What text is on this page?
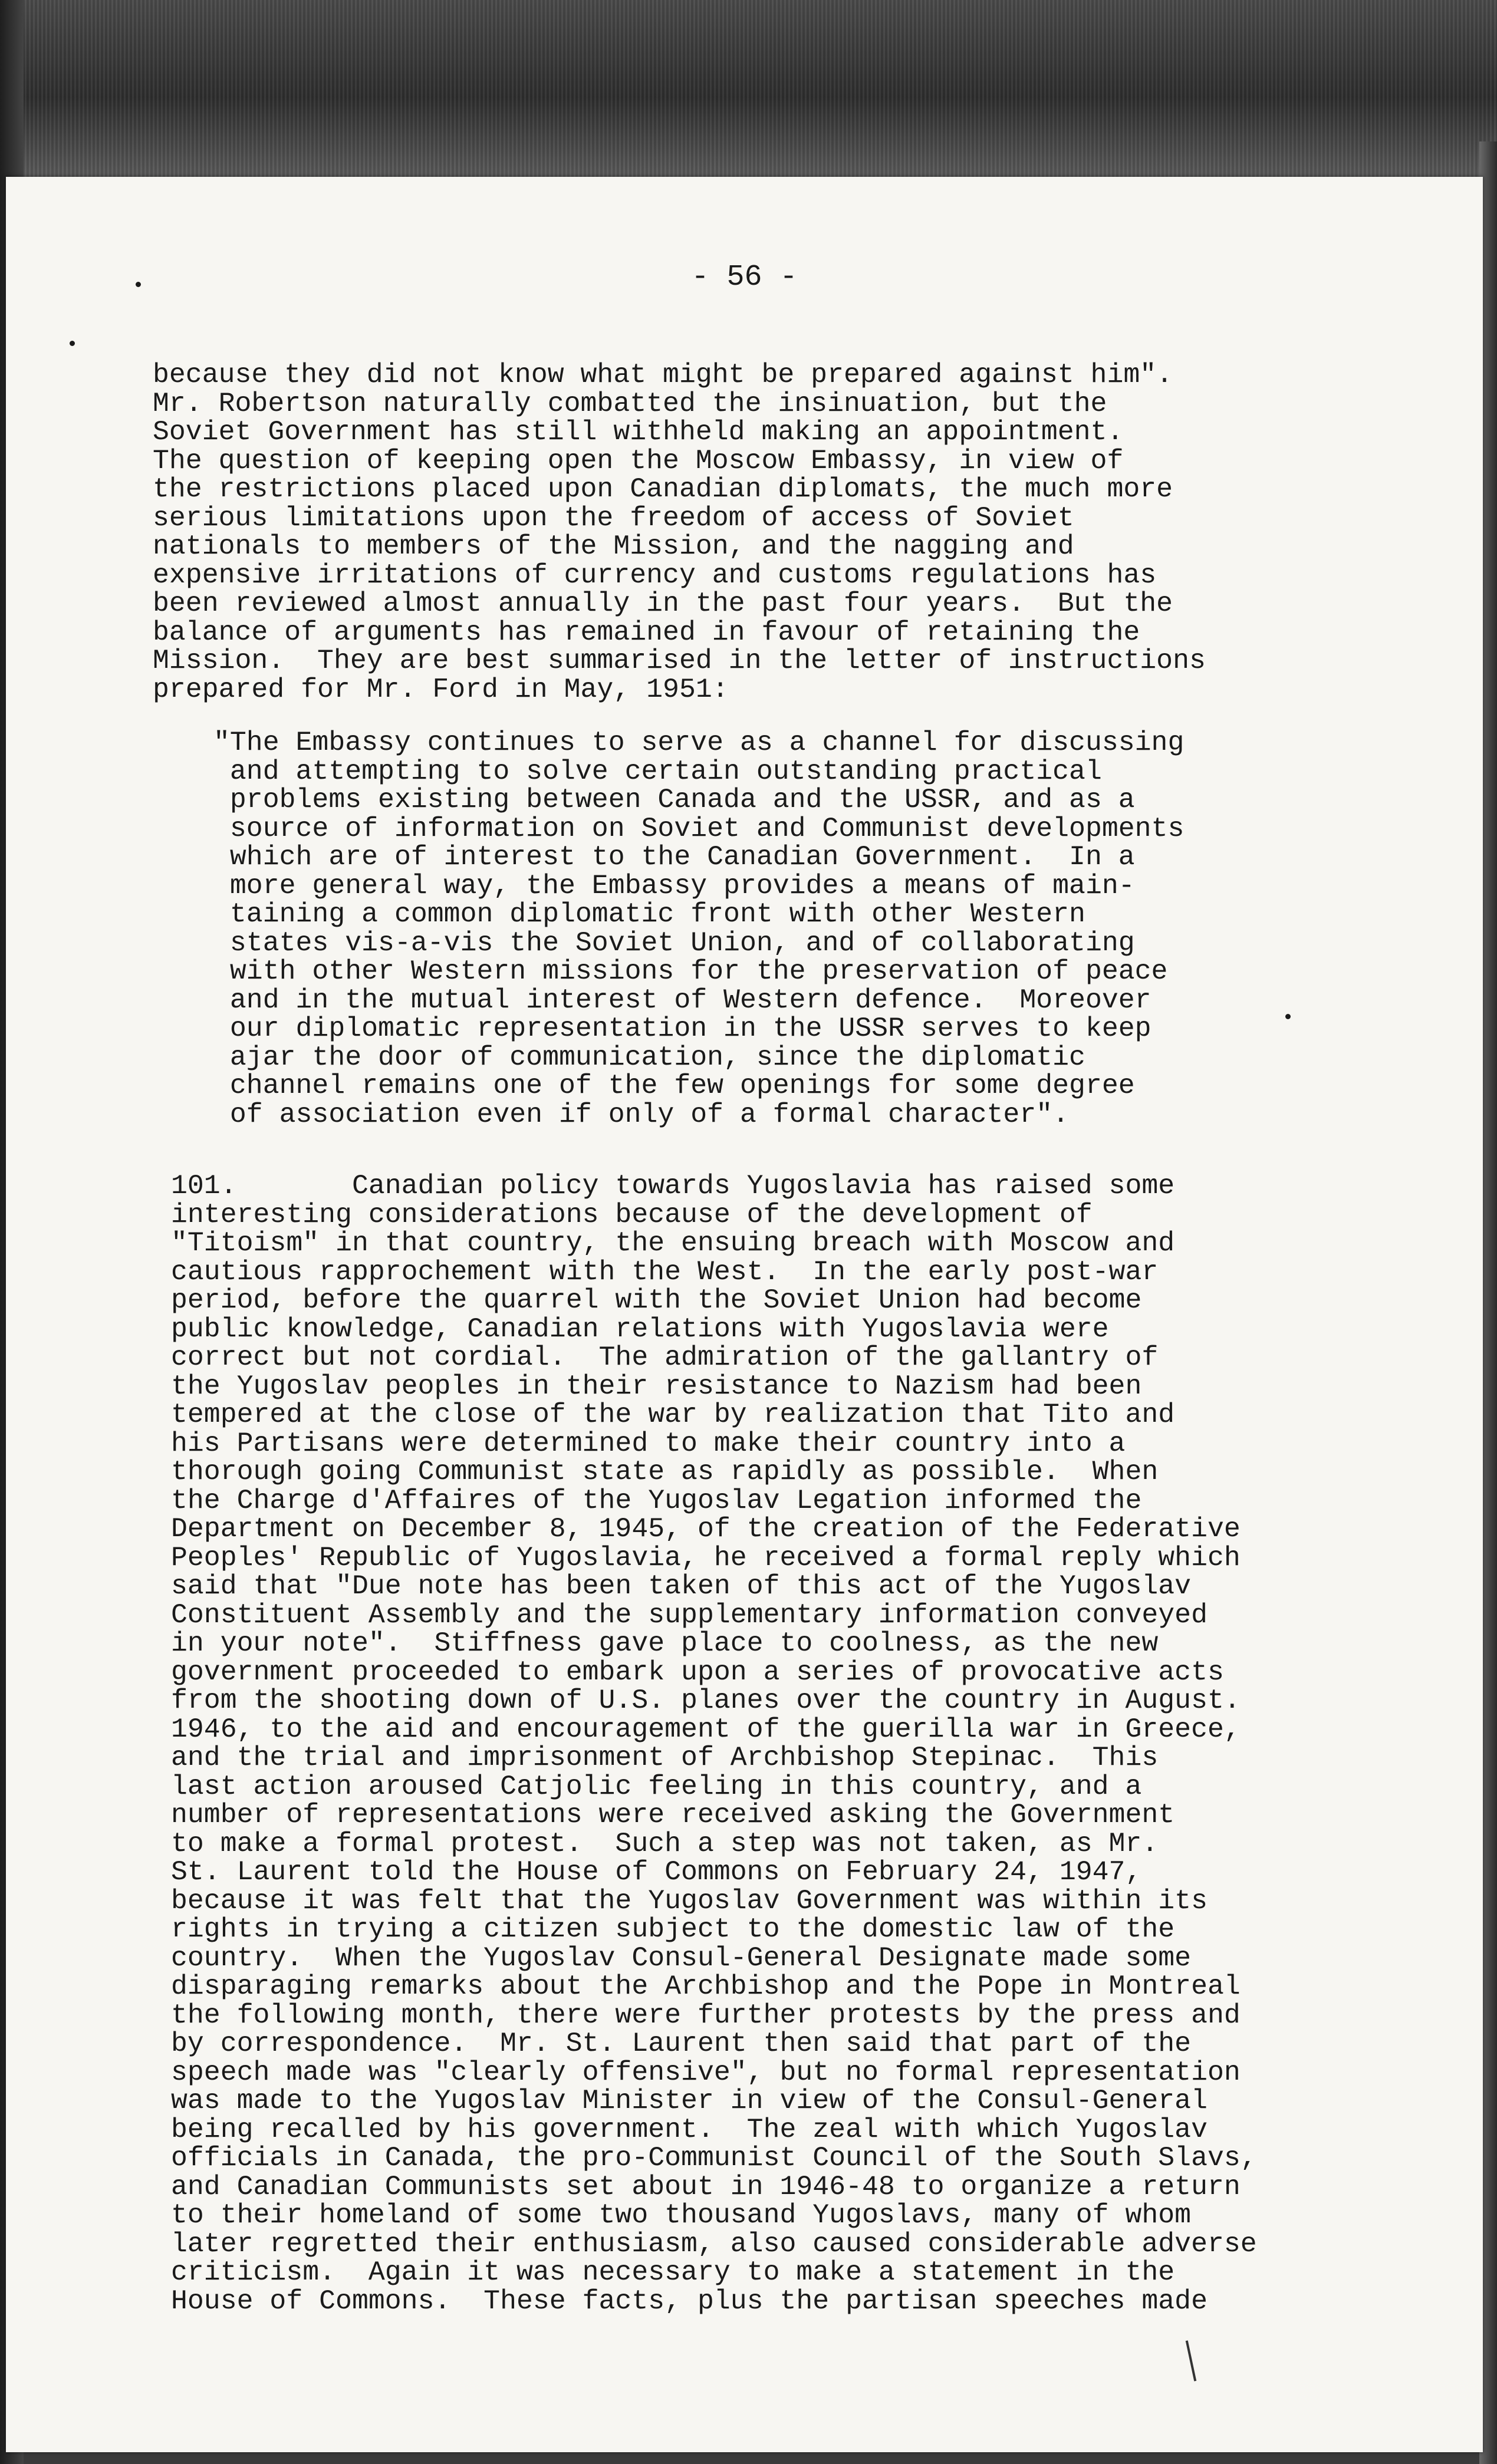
- 56 -
because they did not know what might be prepared against him".
Mr. Robertson naturally combatted the insinuation, but the
Soviet Government has still withheld making an appointment.
The question of keeping open the Moscow Embassy, in view of
the restrictions placed upon Canadian diplomats, the much more
serious limitations upon the freedom of access of Soviet
nationals to members of the Mission, and the nagging and
expensive irritations of currency and customs regulations has
been reviewed almost annually in the past four years.  But the
balance of arguments has remained in favour of retaining the
Mission.  They are best summarised in the letter of instructions
prepared for Mr. Ford in May, 1951:
"The Embassy continues to serve as a channel for discussing
and attempting to solve certain outstanding practical
problems existing between Canada and the USSR, and as a
source of information on Soviet and Communist developments
which are of interest to the Canadian Government.  In a
more general way, the Embassy provides a means of main-
taining a common diplomatic front with other Western
states vis-a-vis the Soviet Union, and of collaborating
with other Western missions for the preservation of peace
and in the mutual interest of Western defence.  Moreover
our diplomatic representation in the USSR serves to keep
ajar the door of communication, since the diplomatic
channel remains one of the few openings for some degree
of association even if only of a formal character".
101.       Canadian policy towards Yugoslavia has raised some
interesting considerations because of the development of
"Titoism" in that country, the ensuing breach with Moscow and
cautious rapprochement with the West.  In the early post-war
period, before the quarrel with the Soviet Union had become
public knowledge, Canadian relations with Yugoslavia were
correct but not cordial.  The admiration of the gallantry of
the Yugoslav peoples in their resistance to Nazism had been
tempered at the close of the war by realization that Tito and
his Partisans were determined to make their country into a
thorough going Communist state as rapidly as possible.  When
the Charge d'Affaires of the Yugoslav Legation informed the
Department on December 8, 1945, of the creation of the Federative
Peoples' Republic of Yugoslavia, he received a formal reply which
said that "Due note has been taken of this act of the Yugoslav
Constituent Assembly and the supplementary information conveyed
in your note".  Stiffness gave place to coolness, as the new
government proceeded to embark upon a series of provocative acts
from the shooting down of U.S. planes over the country in August.
1946, to the aid and encouragement of the guerilla war in Greece,
and the trial and imprisonment of Archbishop Stepinac.  This
last action aroused Catjolic feeling in this country, and a
number of representations were received asking the Government
to make a formal protest.  Such a step was not taken, as Mr.
St. Laurent told the House of Commons on February 24, 1947,
because it was felt that the Yugoslav Government was within its
rights in trying a citizen subject to the domestic law of the
country.  When the Yugoslav Consul-General Designate made some
disparaging remarks about the Archbishop and the Pope in Montreal
the following month, there were further protests by the press and
by correspondence.  Mr. St. Laurent then said that part of the
speech made was "clearly offensive", but no formal representation
was made to the Yugoslav Minister in view of the Consul-General
being recalled by his government.  The zeal with which Yugoslav
officials in Canada, the pro-Communist Council of the South Slavs,
and Canadian Communists set about in 1946-48 to organize a return
to their homeland of some two thousand Yugoslavs, many of whom
later regretted their enthusiasm, also caused considerable adverse
criticism.  Again it was necessary to make a statement in the
House of Commons.  These facts, plus the partisan speeches made
